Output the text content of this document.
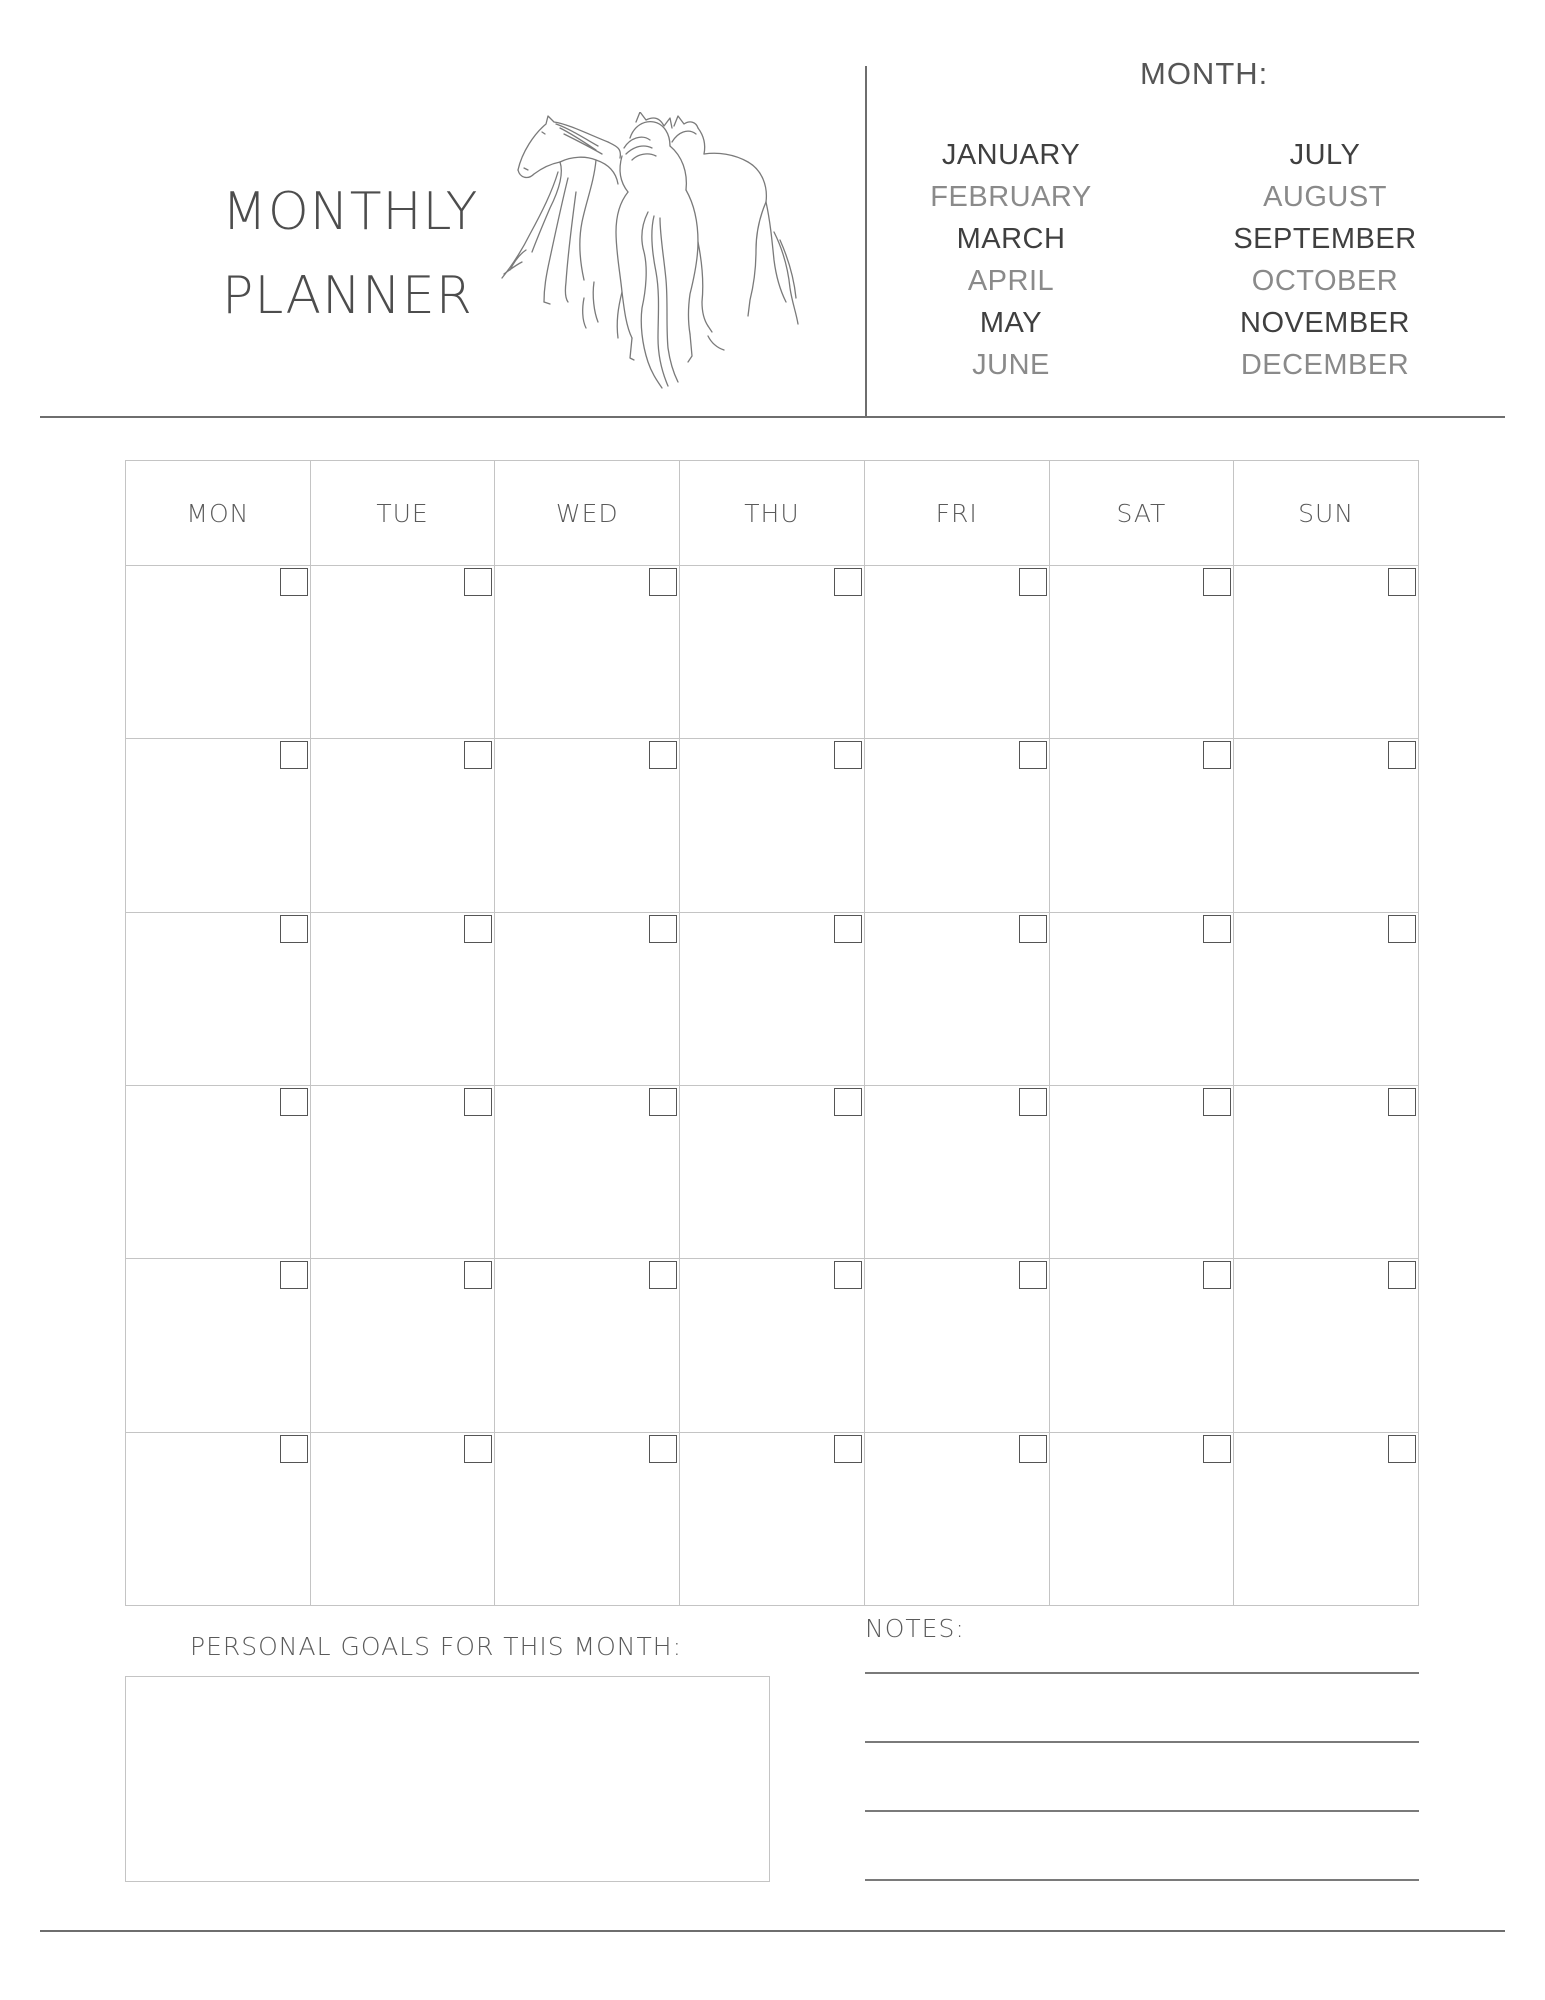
MONTHLY
PLANNER
MONTH:
JANUARY
FEBRUARY
MARCH
APRIL
MAY
JUNE
JULY
AUGUST
SEPTEMBER
OCTOBER
NOVEMBER
DECEMBER
MON	TUE	WED	THU	FRI	SAT	SUN

PERSONAL GOALS FOR THIS MONTH:
NOTES:
